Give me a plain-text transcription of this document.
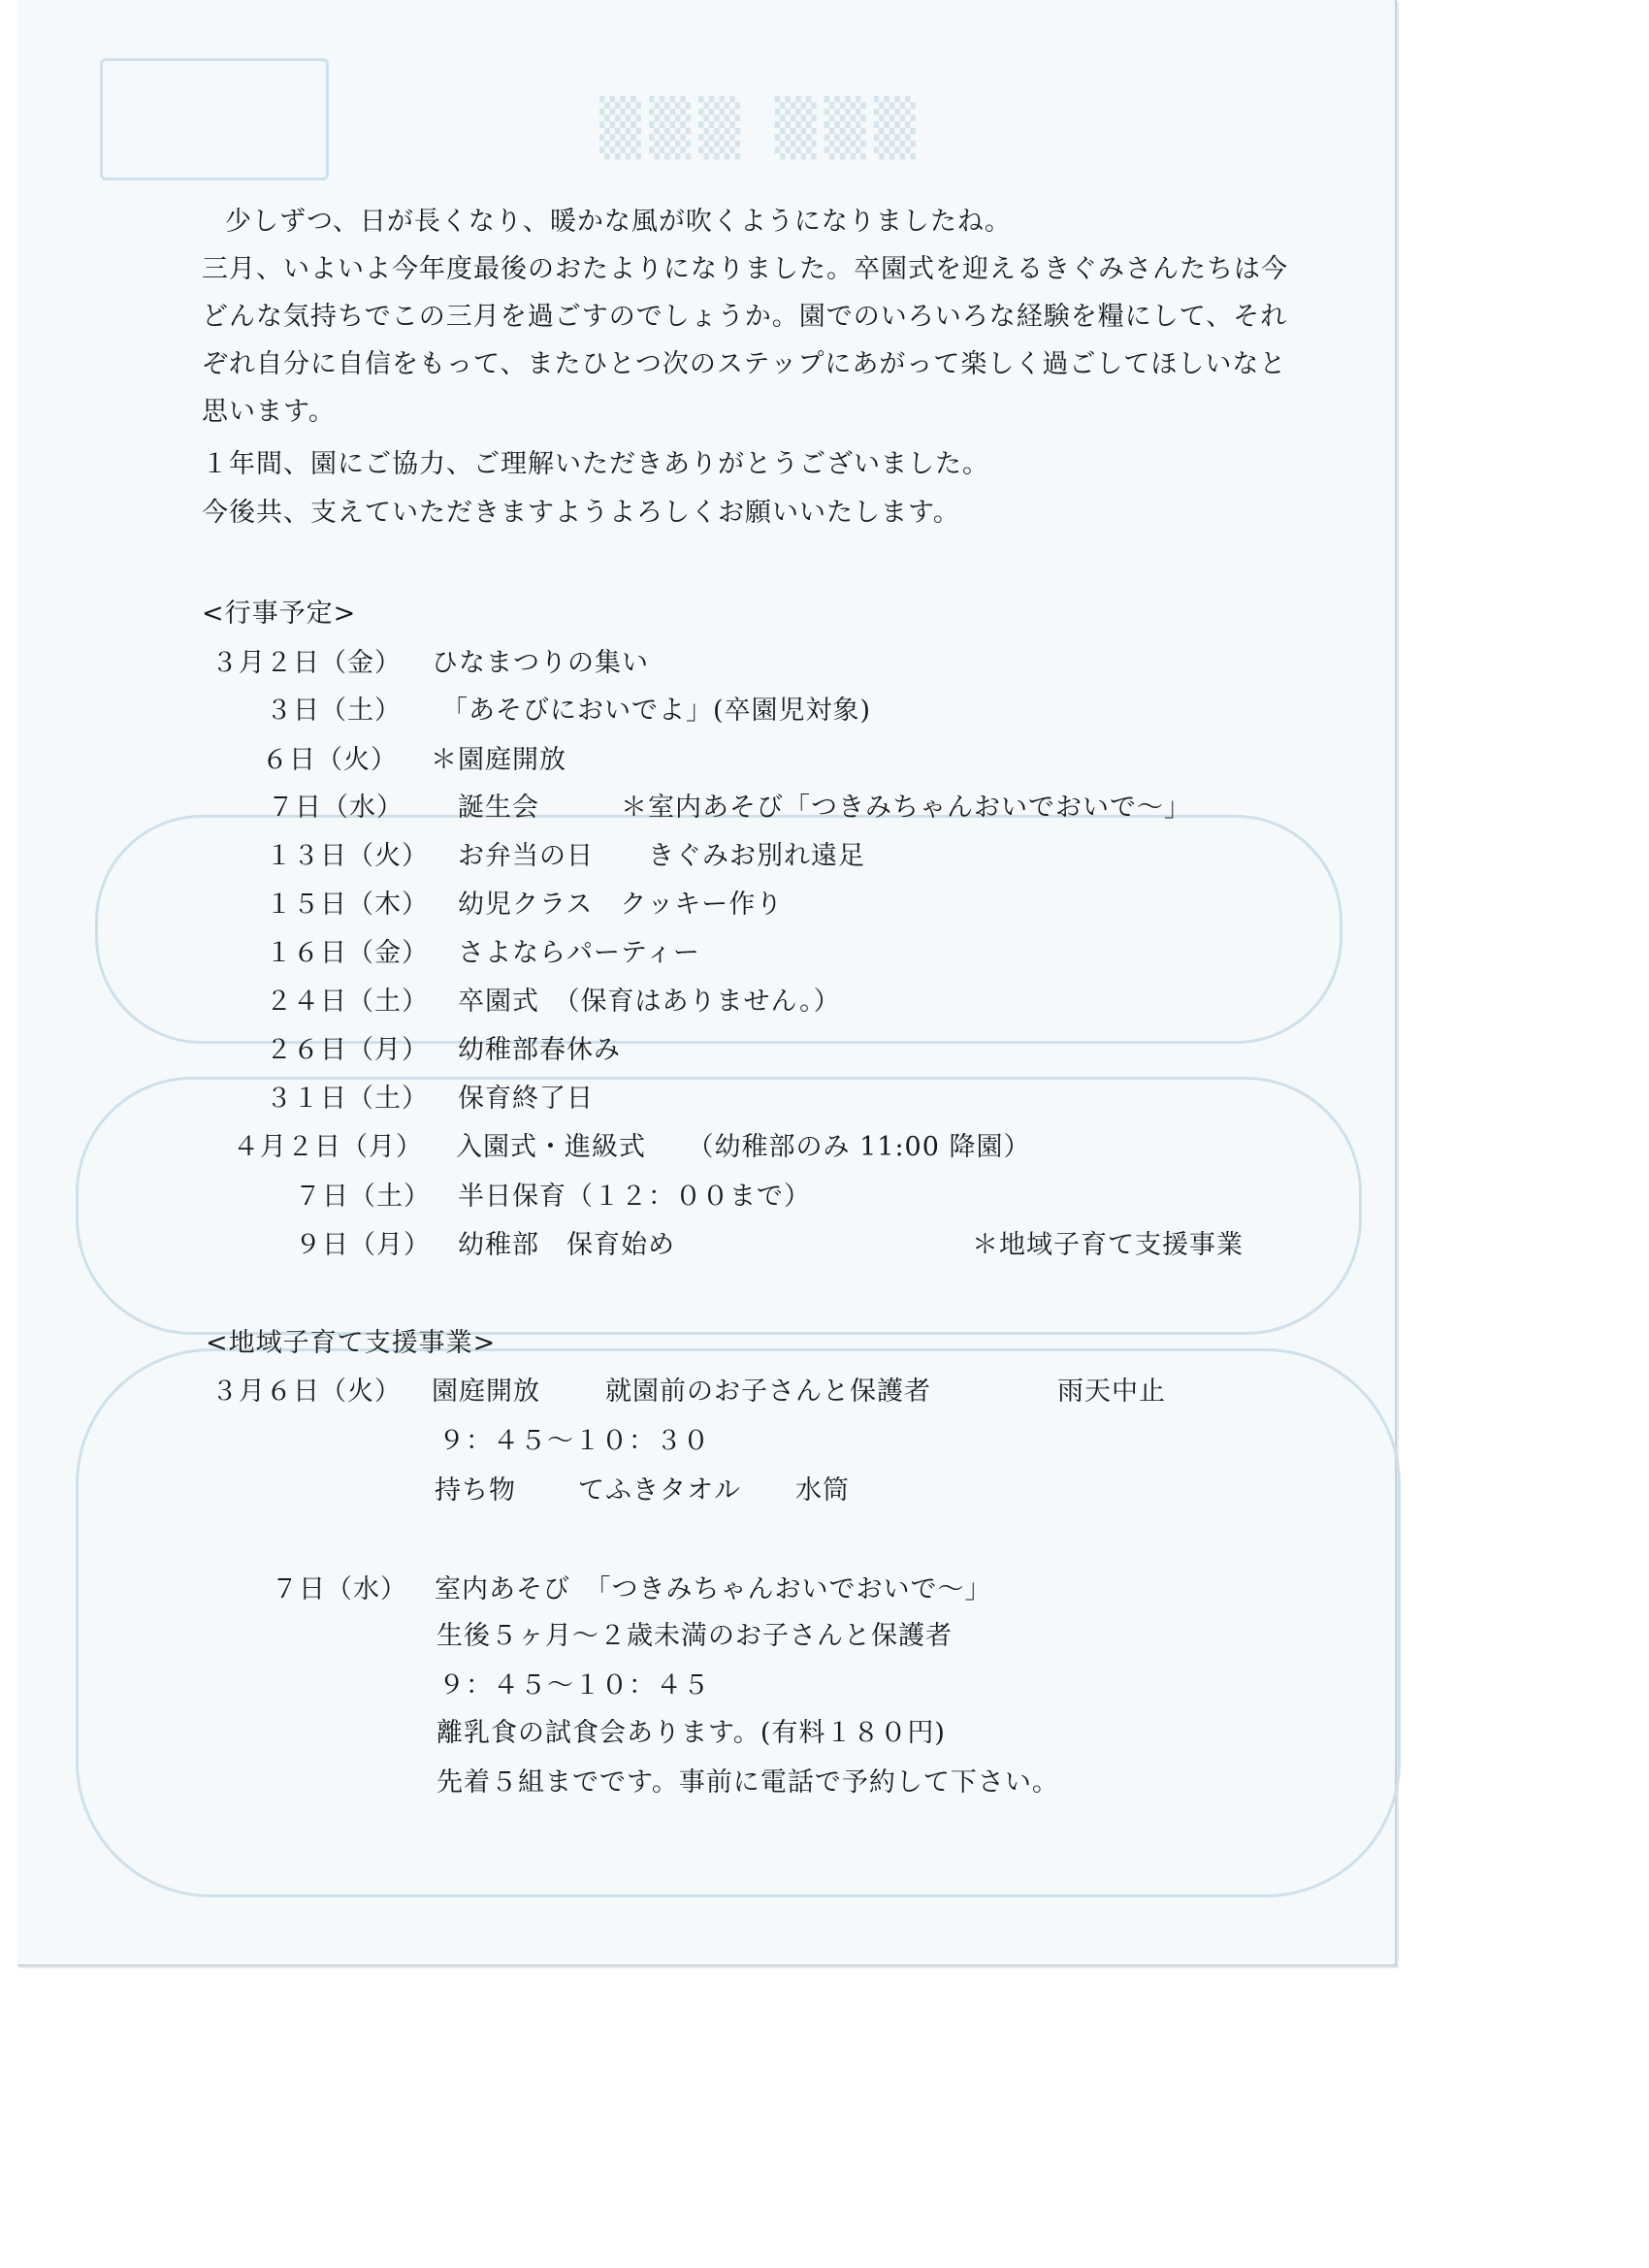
▒▒▒ ▒▒▒
少しずつ、日が長くなり、暖かな風が吹くようになりましたね。
三月、いよいよ今年度最後のおたよりになりました。卒園式を迎えるきぐみさんたちは今
どんな気持ちでこの三月を過ごすのでしょうか。園でのいろいろな経験を糧にして、それ
ぞれ自分に自信をもって、またひとつ次のステップにあがって楽しく過ごしてほしいなと
思います。
１年間、園にご協力、ご理解いただきありがとうございました。
今後共、支えていただきますようよろしくお願いいたします。
<行事予定>
３月２日（金） ひなまつりの集い
３日（土） 「あそびにおいでよ」(卒園児対象)
６日（火） ＊園庭開放
７日（水） 誕生会　　　＊室内あそび「つきみちゃんおいでおいで～」
１３日（火） お弁当の日　　きぐみお別れ遠足
１５日（木） 幼児クラス　クッキー作り
１６日（金） さよならパーティー
２４日（土） 卒園式　（保育はありません。）
２６日（月） 幼稚部春休み
３１日（土） 保育終了日
４月２日（月） 入園式・進級式　　（幼稚部のみ 11:00 降園）
７日（土） 半日保育（１２：００まで）
９日（月） 幼稚部　保育始め	＊地域子育て支援事業
<地域子育て支援事業>
３月６日（火） 園庭開放 就園前のお子さんと保護者	雨天中止
９：４５～１０：３０
持ち物 てふきタオル　　水筒
７日（水） 室内あそび　「つきみちゃんおいでおいで～」
生後５ヶ月～２歳未満のお子さんと保護者
９：４５～１０：４５
離乳食の試食会あります。(有料１８０円)
先着５組までです。事前に電話で予約して下さい。
